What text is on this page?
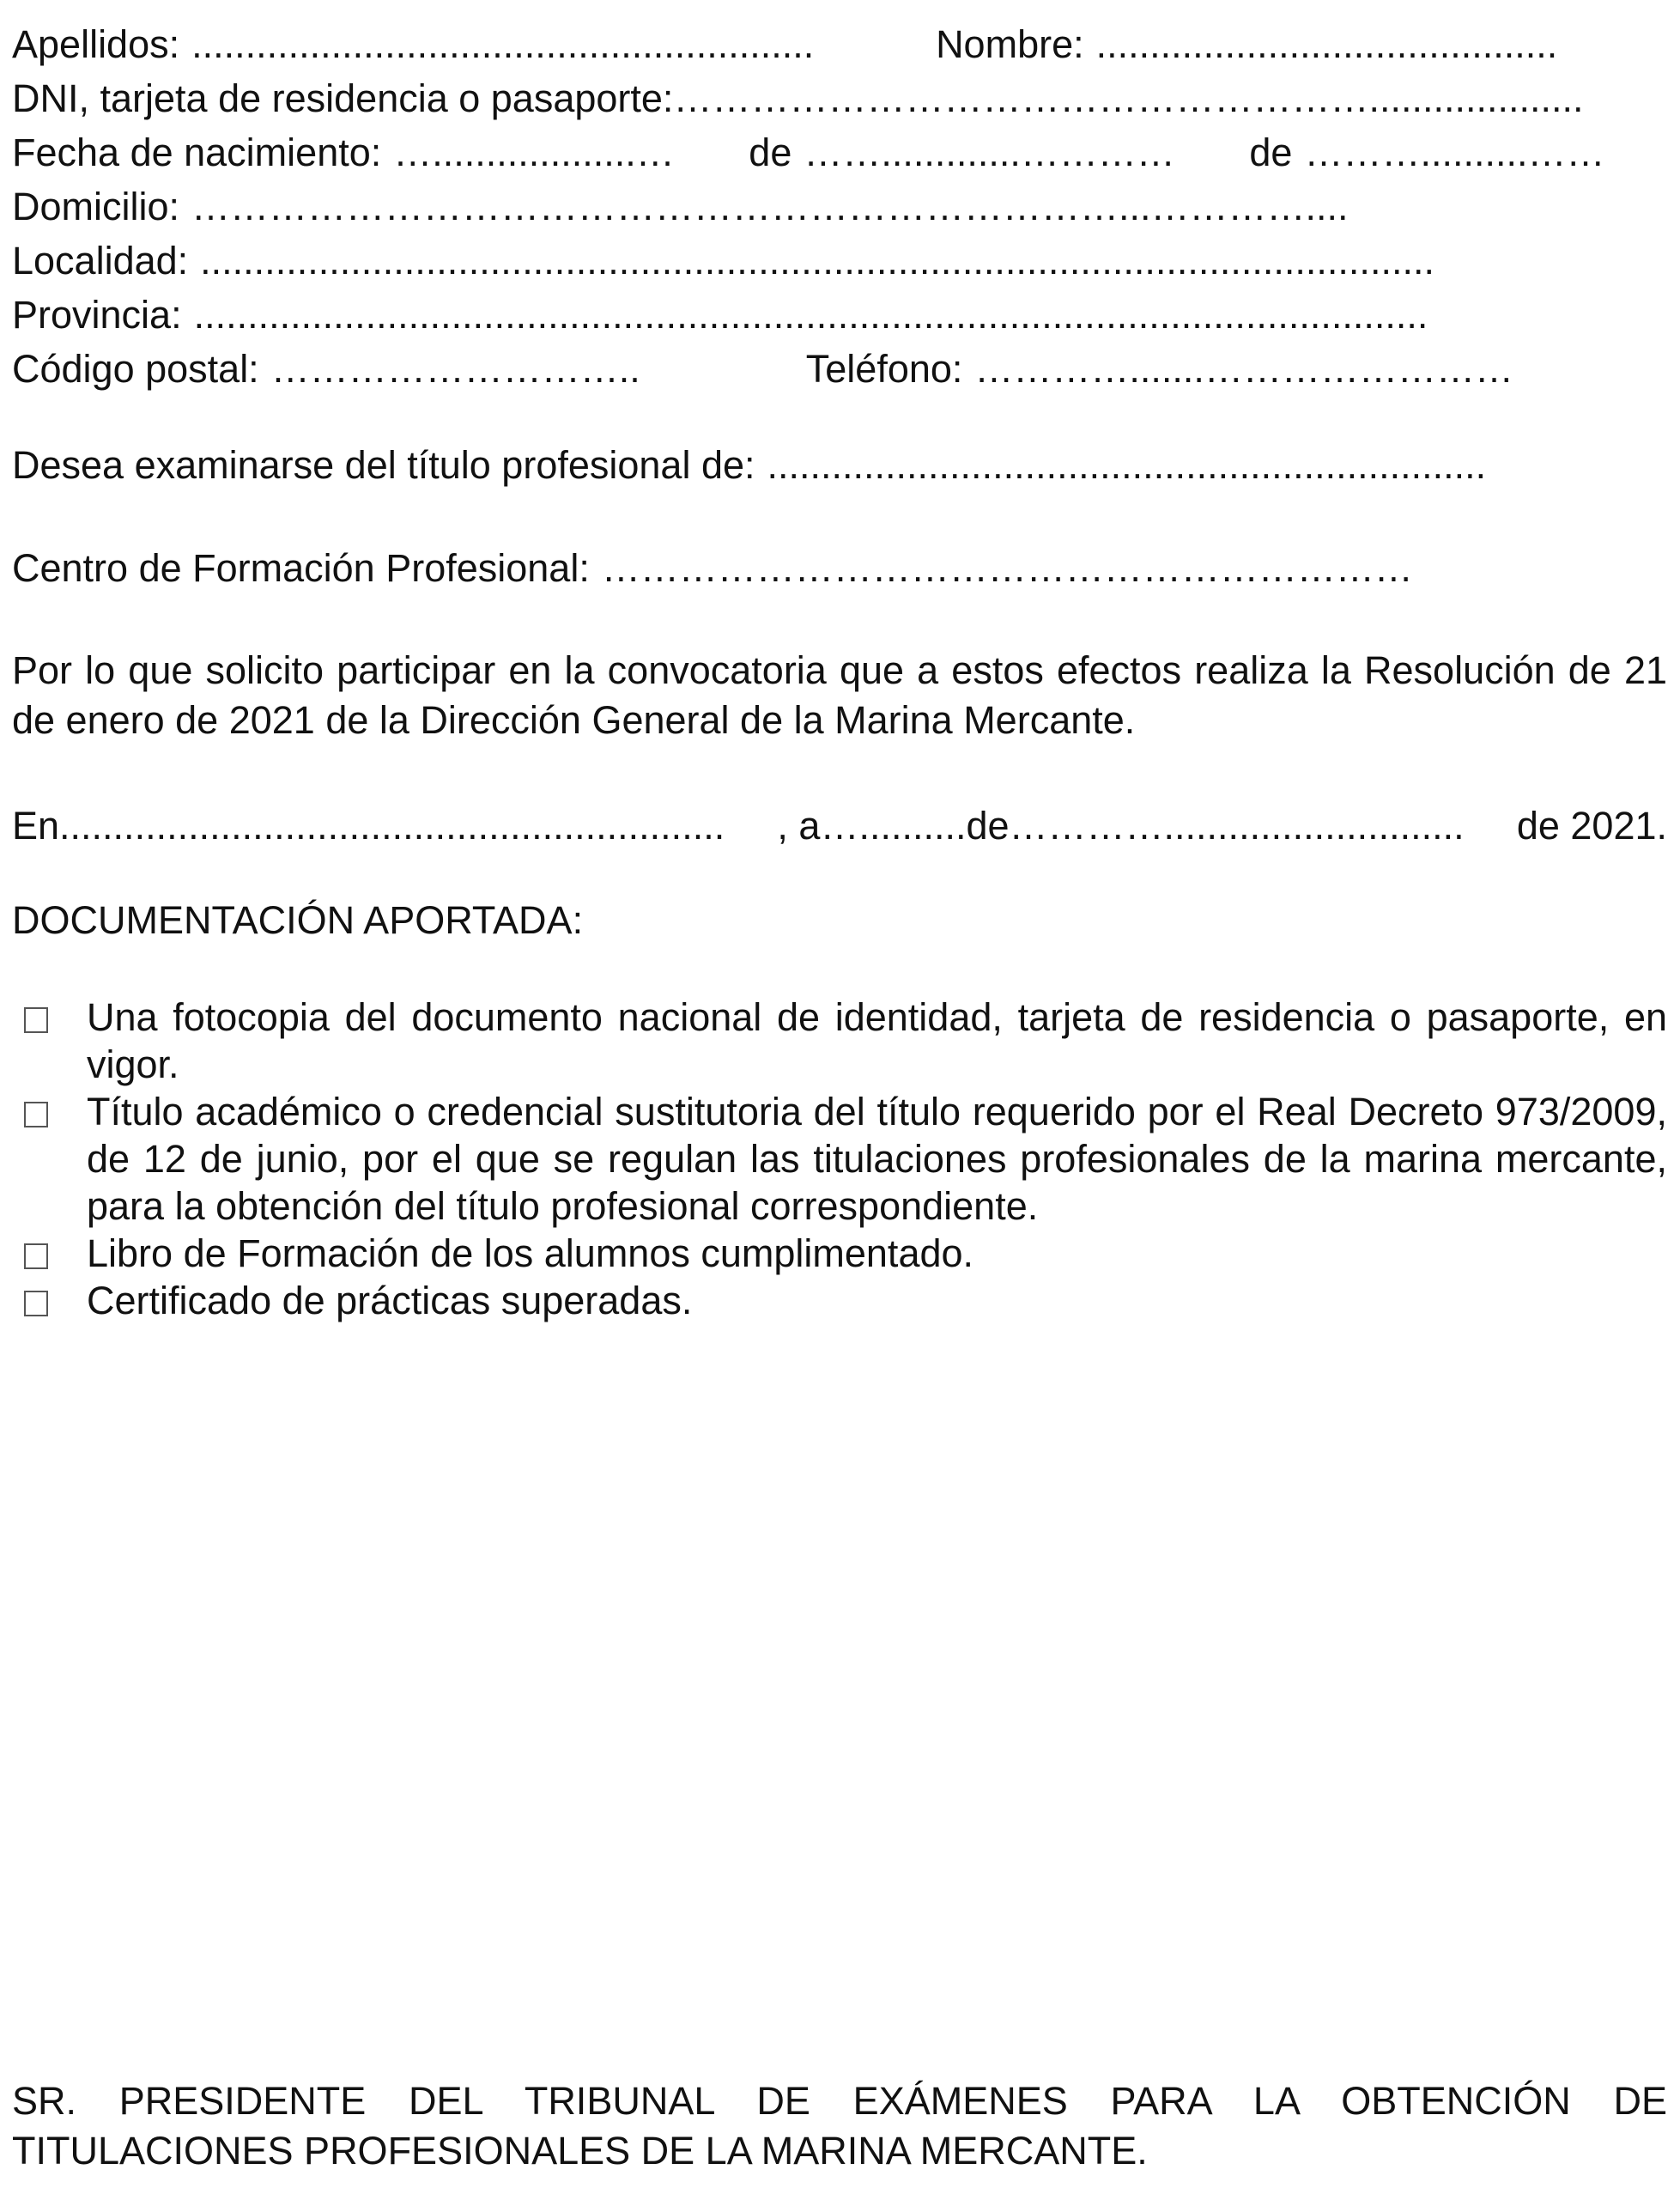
Apellidos: ..........................................................	Nombre: ...........................................
DNI, tarjeta de residencia o pasaporte: ………………………………………………....................
Fecha de nacimiento: …...................…	de …….............…………	de ………..........……
Domicilio: ………………………………………………………………...…………....
Localidad: ...................................................................................................................
Provincia: ...................................................................................................................
Código postal: ………………………..	Teléfono: ………….......……………………
Desea examinarse del título profesional de: ...................................................................
Centro de Formación Profesional: ………………………………………………………

Por lo que solicito participar en la convocatoria que a estos efectos realiza la Resolución de 21 de enero de 2021 de la Dirección General de la Marina Mercante.

En ..............................................................	, a ….......... de …………............................	de 2021.
DOCUMENTACIÓN APORTADA:
Una fotocopia del documento nacional de identidad, tarjeta de residencia o pasaporte, en vigor.
Título académico o credencial sustitutoria del título requerido por el Real Decreto 973/2009, de 12 de junio, por el que se regulan las titulaciones profesionales de la marina mercante, para la obtención del título profesional correspondiente.
Libro de Formación de los alumnos cumplimentado.
Certificado de prácticas superadas.

SR. PRESIDENTE DEL TRIBUNAL DE EXÁMENES PARA LA OBTENCIÓN DE TITULACIONES PROFESIONALES DE LA MARINA MERCANTE.
